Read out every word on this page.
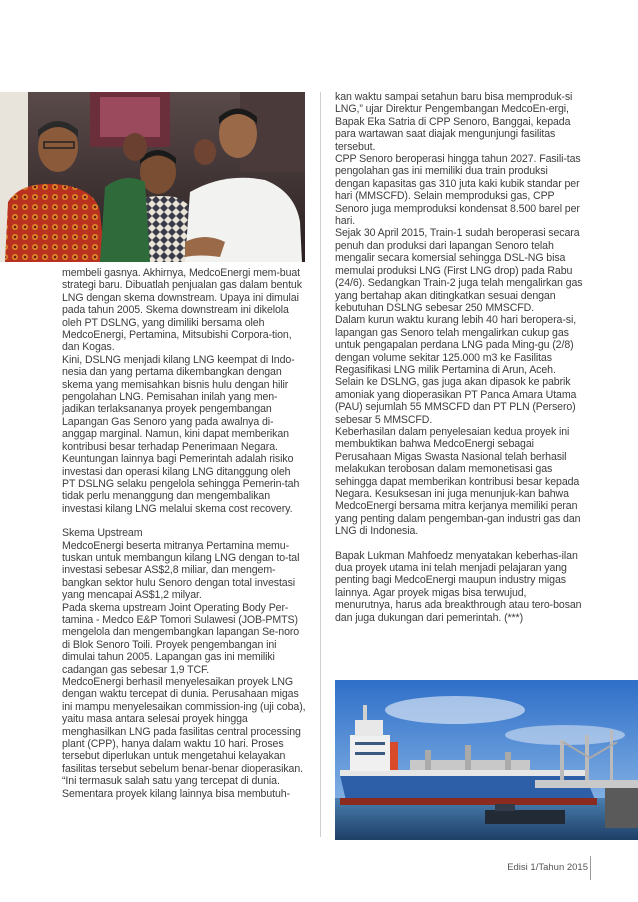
membeli gasnya. Akhirnya, MedcoEnergi mem-buat strategi baru. Dibuatlah penjualan gas dalam bentuk LNG dengan skema downstream. Upaya ini dimulai pada tahun 2005. Skema downstream ini dikelola oleh PT DSLNG, yang dimiliki bersama oleh MedcoEnergi, Pertamina, Mitsubishi Corpora-tion, dan Kogas.

Kini, DSLNG menjadi kilang LNG keempat di Indo-nesia dan yang pertama dikembangkan dengan skema yang memisahkan bisnis hulu dengan hilir pengolahan LNG. Pemisahan inilah yang men-jadikan terlaksananya proyek pengembangan Lapangan Gas Senoro yang pada awalnya di-anggap marginal. Namun, kini dapat memberikan kontribusi besar terhadap Penerimaan Negara.

Keuntungan lainnya bagi Pemerintah adalah risiko investasi dan operasi kilang LNG ditanggung oleh PT DSLNG selaku pengelola sehingga Pemerin-tah tidak perlu menanggung dan mengembalikan investasi kilang LNG melalui skema cost recovery.

Skema Upstream

MedcoEnergi beserta mitranya Pertamina memu-tuskan untuk membangun kilang LNG dengan to-tal investasi sebesar AS$2,8 miliar, dan mengem-bangkan sektor hulu Senoro dengan total investasi yang mencapai AS$1,2 milyar.

Pada skema upstream Joint Operating Body Per-tamina - Medco E&P Tomori Sulawesi (JOB-PMTS) mengelola dan mengembangkan lapangan Se-noro di Blok Senoro Toili. Proyek pengembangan ini dimulai tahun 2005. Lapangan gas ini memiliki cadangan gas sebesar 1,9 TCF.

MedcoEnergi berhasil menyelesaikan proyek LNG dengan waktu tercepat di dunia. Perusahaan migas ini mampu menyelesaikan commission-ing (uji coba), yaitu masa antara selesai proyek hingga menghasilkan LNG pada fasilitas central processing plant (CPP), hanya dalam waktu 10 hari. Proses tersebut diperlukan untuk mengetahui kelayakan fasilitas tersebut sebelum benar-benar dioperasikan.

“Ini termasuk salah satu yang tercepat di dunia. Sementara proyek kilang lainnya bisa membutuh-

kan waktu sampai setahun baru bisa memproduk-si LNG,” ujar Direktur Pengembangan MedcoEn-ergi, Bapak Eka Satria di CPP Senoro, Banggai, kepada para wartawan saat diajak mengunjungi fasilitas tersebut.

CPP Senoro beroperasi hingga tahun 2027. Fasili-tas pengolahan gas ini memiliki dua train produksi dengan kapasitas gas 310 juta kaki kubik standar per hari (MMSCFD). Selain memproduksi gas, CPP Senoro juga memproduksi kondensat 8.500 barel per hari.

Sejak 30 April 2015, Train-1 sudah beroperasi secara penuh dan produksi dari lapangan Senoro telah mengalir secara komersial sehingga DSL-NG bisa memulai produksi LNG (First LNG drop) pada Rabu (24/6). Sedangkan Train-2 juga telah mengalirkan gas yang bertahap akan ditingkatkan sesuai dengan kebutuhan DSLNG sebesar 250 MMSCFD.

Dalam kurun waktu kurang lebih 40 hari beropera-si, lapangan gas Senoro telah mengalirkan cukup gas untuk pengapalan perdana LNG pada Ming-gu (2/8) dengan volume sekitar 125.000 m3 ke Fasilitas Regasifikasi LNG milik Pertamina di Arun, Aceh.

Selain ke DSLNG, gas juga akan dipasok ke pabrik amoniak yang dioperasikan PT Panca Amara Utama (PAU) sejumlah 55 MMSCFD dan PT PLN (Persero) sebesar 5 MMSCFD.

Keberhasilan dalam penyelesaian kedua proyek ini membuktikan bahwa MedcoEnergi sebagai Perusahaan Migas Swasta Nasional telah berhasil melakukan terobosan dalam memonetisasi gas sehingga dapat memberikan kontribusi besar kepada Negara. Kesuksesan ini juga menunjuk-kan bahwa MedcoEnergi bersama mitra kerjanya memiliki peran yang penting dalam pengemban-gan industri gas dan LNG di Indonesia.

Bapak Lukman Mahfoedz menyatakan keberhas-ilan dua proyek utama ini telah menjadi pelajaran yang penting bagi MedcoEnergi maupun industry migas lainnya. Agar proyek migas bisa terwujud, menurutnya, harus ada breakthrough atau tero-bosan dan juga dukungan dari pemerintah. (***)

Edisi 1/Tahun 2015
